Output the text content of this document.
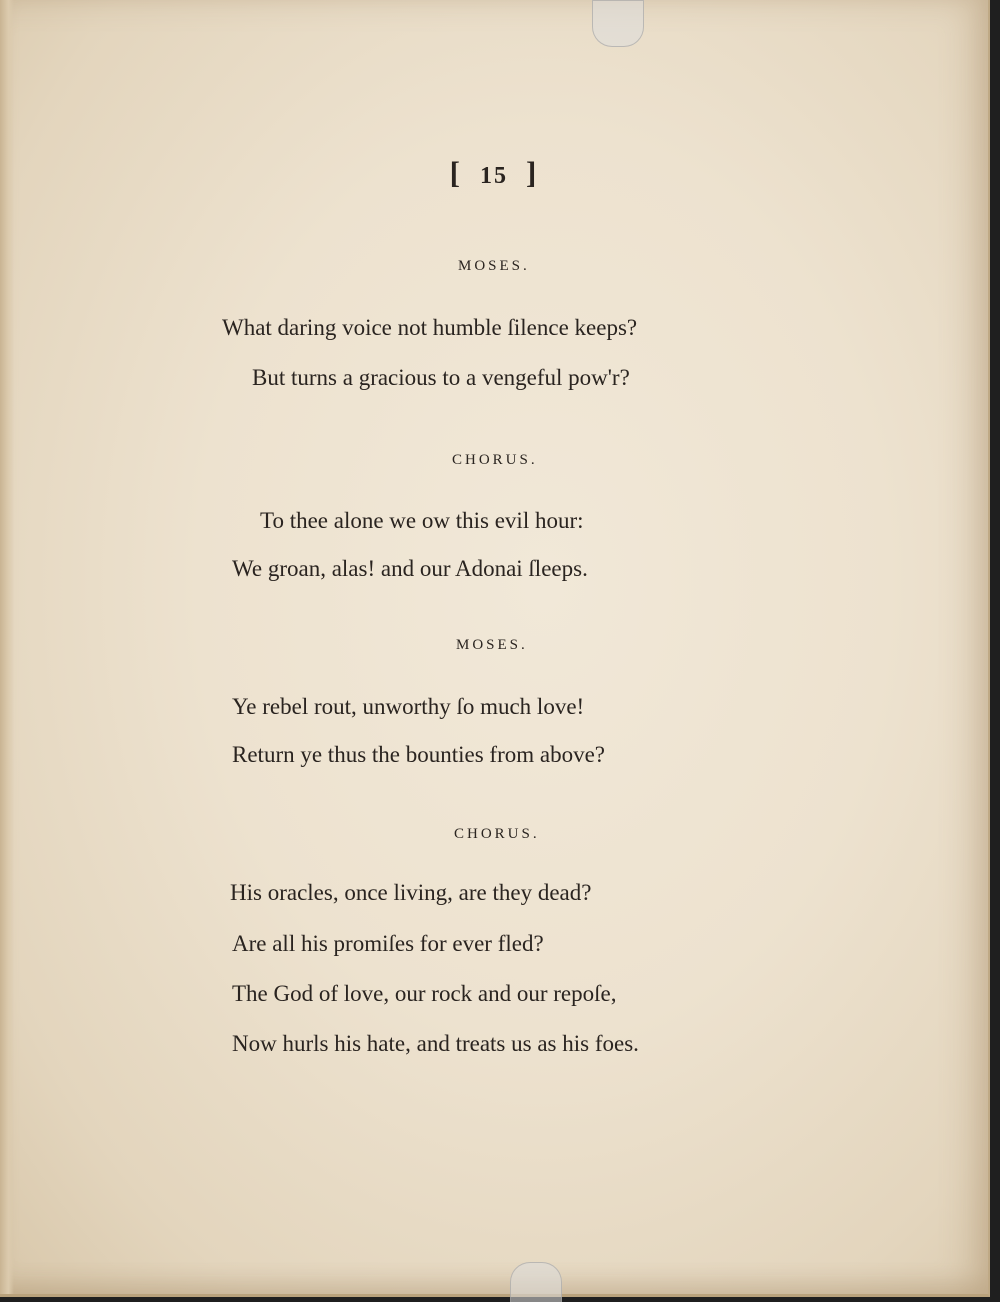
[ 15 ]
MOSES.
What daring voice not humble ſilence keeps?
But turns a gracious to a vengeful pow'r?
CHORUS.
To thee alone we ow this evil hour:
We groan, alas! and our Adonai ſleeps.
MOSES.
Ye rebel rout, unworthy ſo much love!
Return ye thus the bounties from above?
CHORUS.
His oracles, once living, are they dead?
Are all his promiſes for ever fled?
The God of love, our rock and our repoſe,
Now hurls his hate, and treats us as his foes.
